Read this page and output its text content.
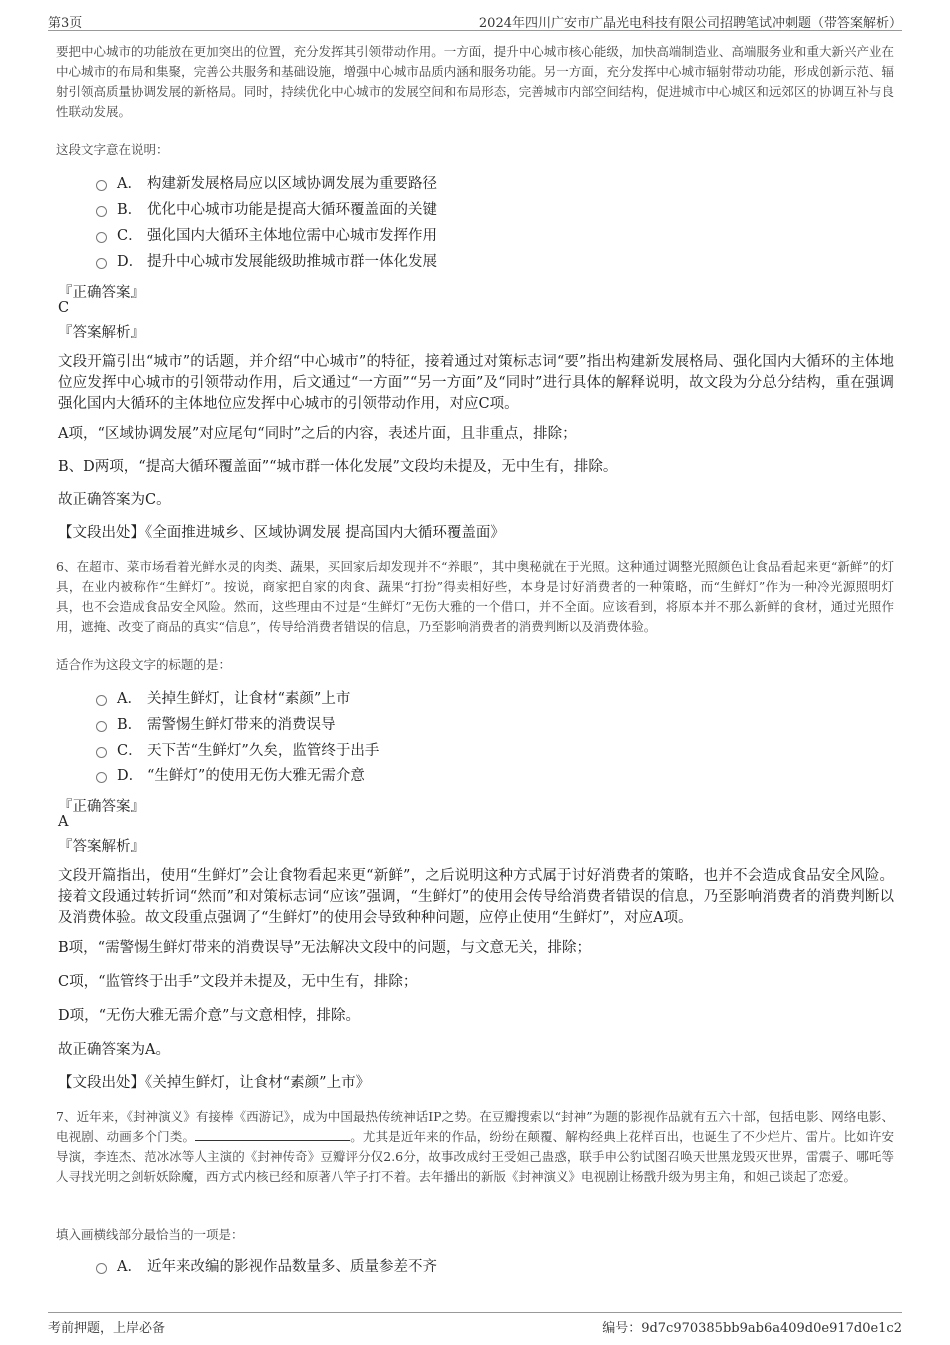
第3页	2024年四川广安市广晶光电科技有限公司招聘笔试冲刺题（带答案解析）

要把中心城市的功能放在更加突出的位置，充分发挥其引领带动作用。一方面，提升中心城市核心能级，加快高端制造业、高端服务业和重大新兴产业在中心城市的布局和集聚，完善公共服务和基础设施，增强中心城市品质内涵和服务功能。另一方面，充分发挥中心城市辐射带动功能，形成创新示范、辐射引领高质量协调发展的新格局。同时，持续优化中心城市的发展空间和布局形态，完善城市内部空间结构，促进城市中心城区和远郊区的协调互补与良性联动发展。

这段文字意在说明：
A． 构建新发展格局应以区域协调发展为重要路径
B． 优化中心城市功能是提高大循环覆盖面的关键
C． 强化国内大循环主体地位需中心城市发挥作用
D． 提升中心城市发展能级助推城市群一体化发展
『正确答案』
C
『答案解析』

文段开篇引出“城市”的话题，并介绍“中心城市”的特征，接着通过对策标志词“要”指出构建新发展格局、强化国内大循环的主体地位应发挥中心城市的引领带动作用，后文通过“一方面”“另一方面”及“同时”进行具体的解释说明，故文段为分总分结构，重在强调强化国内大循环的主体地位应发挥中心城市的引领带动作用，对应C项。

A项，“区域协调发展”对应尾句“同时”之后的内容，表述片面，且非重点，排除；

B、D两项，“提高大循环覆盖面”“城市群一体化发展”文段均未提及，无中生有，排除。

故正确答案为C。

【文段出处】《全面推进城乡、区域协调发展 提高国内大循环覆盖面》

6、在超市、菜市场看着光鲜水灵的肉类、蔬果，买回家后却发现并不“养眼”，其中奥秘就在于光照。这种通过调整光照颜色让食品看起来更“新鲜”的灯具，在业内被称作“生鲜灯”。按说，商家把自家的肉食、蔬果“打扮”得卖相好些，本身是讨好消费者的一种策略，而“生鲜灯”作为一种冷光源照明灯具，也不会造成食品安全风险。然而，这些理由不过是“生鲜灯”无伤大雅的一个借口，并不全面。应该看到，将原本并不那么新鲜的食材，通过光照作用，遮掩、改变了商品的真实“信息”，传导给消费者错误的信息，乃至影响消费者的消费判断以及消费体验。

适合作为这段文字的标题的是：
A． 关掉生鲜灯，让食材“素颜”上市
B． 需警惕生鲜灯带来的消费误导
C． 天下苦“生鲜灯”久矣，监管终于出手
D． “生鲜灯”的使用无伤大雅无需介意
『正确答案』
A
『答案解析』

文段开篇指出，使用“生鲜灯”会让食物看起来更“新鲜”，之后说明这种方式属于讨好消费者的策略，也并不会造成食品安全风险。接着文段通过转折词“然而”和对策标志词“应该”强调，“生鲜灯”的使用会传导给消费者错误的信息，乃至影响消费者的消费判断以及消费体验。故文段重点强调了“生鲜灯”的使用会导致种种问题，应停止使用“生鲜灯”，对应A项。

B项，“需警惕生鲜灯带来的消费误导”无法解决文段中的问题，与文意无关，排除；

C项，“监管终于出手”文段并未提及，无中生有，排除；

D项，“无伤大雅无需介意”与文意相悖，排除。

故正确答案为A。

【文段出处】《关掉生鲜灯，让食材“素颜”上市》

7、近年来，《封神演义》有接棒《西游记》，成为中国最热传统神话IP之势。在豆瓣搜索以“封神”为题的影视作品就有五六十部，包括电影、网络电影、电视剧、动画多个门类。	。尤其是近年来的作品，纷纷在颠覆、解构经典上花样百出，也诞生了不少烂片、雷片。比如许安导演，李连杰、范冰冰等人主演的《封神传奇》豆瓣评分仅2.6分，故事改成纣王受妲己蛊惑，联手申公豹试图召唤天世黑龙毁灭世界，雷震子、哪吒等人寻找光明之剑斩妖除魔，西方式内核已经和原著八竿子打不着。去年播出的新版《封神演义》电视剧让杨戬升级为男主角，和妲己谈起了恋爱。

填入画横线部分最恰当的一项是：
A． 近年来改编的影视作品数量多、质量参差不齐
考前押题，上岸必备	编号：9d7c970385bb9ab6a409d0e917d0e1c2
